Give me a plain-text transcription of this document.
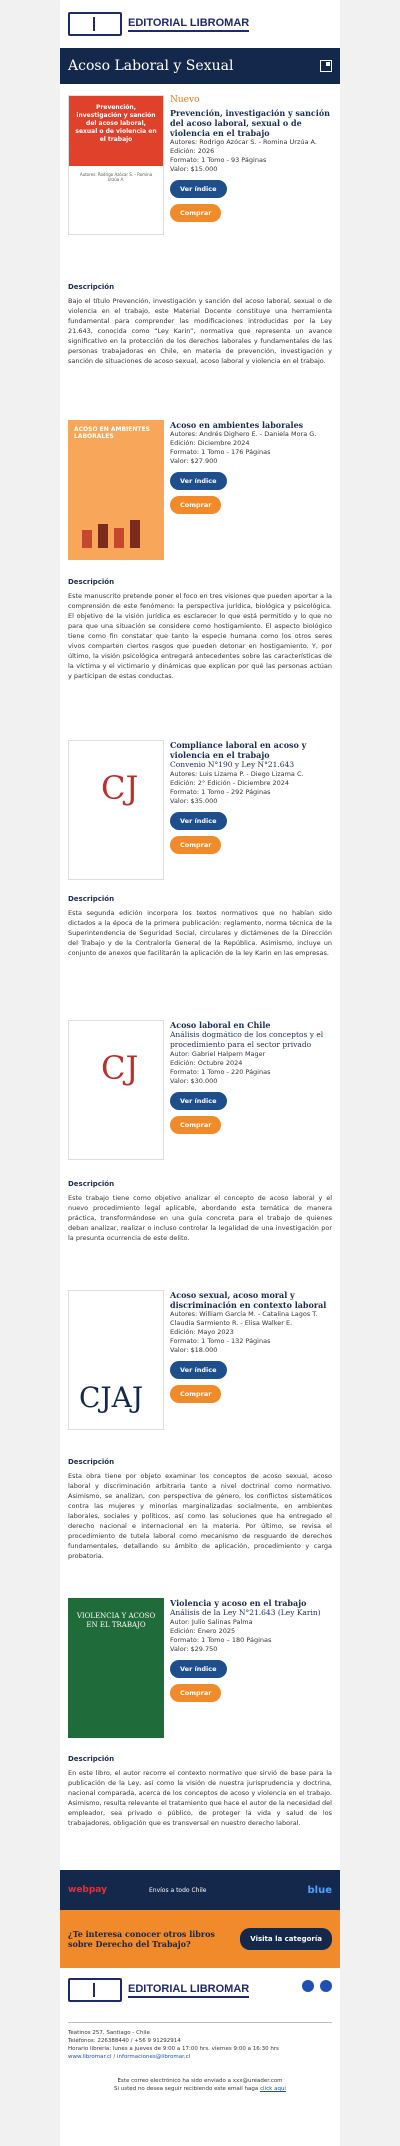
EDITORIAL LIBROMAR
Acoso Laboral y Sexual
Prevención, investigación y sanción del acoso laboral, sexual o de violencia en el trabajo
Autores: Rodrigo Azócar S. - Romina Urzúa A.
Nuevo
Prevención, investigación y sanción del acoso laboral, sexual o de violencia en el trabajo
Autores: Rodrigo Azócar S. - Romina Urzúa A.
Edición: 2026
Formato: 1 Tomo - 93 Páginas
Valor: $15.000
Ver índice
Comprar
Descripción
Bajo el título Prevención, investigación y sanción del acoso laboral, sexual o de violencia en el trabajo, este Material Docente constituye una herramienta fundamental para comprender las modificaciones introducidas por la Ley 21.643, conocida como “Ley Karin”, normativa que representa un avance significativo en la protección de los derechos laborales y fundamentales de las personas trabajadoras en Chile, en materia de prevención, investigación y sanción de situaciones de acoso sexual, acoso laboral y violencia en el trabajo.
ACOSO EN AMBIENTES LABORALES
Acoso en ambientes laborales
Autores: Andrés Dighero E. - Daniela Mora G.
Edición: Diciembre 2024
Formato: 1 Tomo - 176 Páginas
Valor: $27.900
Ver índice
Comprar
Descripción
Este manuscrito pretende poner el foco en tres visiones que pueden aportar a la comprensión de este fenómeno: la perspectiva jurídica, biológica y psicológica. El objetivo de la visión jurídica es esclarecer lo que está permitido y lo que no para que una situación se considere como hostigamiento. El aspecto biológico tiene como fin constatar que tanto la especie humana como los otros seres vivos comparten ciertos rasgos que pueden detonar en hostigamiento. Y, por último, la visión psicológica entregará antecedentes sobre las características de la víctima y el victimario y dinámicas que explican por qué las personas actúan y participan de estas conductas.
CJ
Compliance laboral en acoso y violencia en el trabajo
Convenio N°190 y Ley N°21.643
Autores: Luis Lizama P. - Diego Lizama C.
Edición: 2° Edición - Diciembre 2024
Formato: 1 Tomo - 292 Páginas
Valor: $35.000
Ver índice
Comprar
Descripción
Esta segunda edición incorpora los textos normativos que no habían sido dictados a la época de la primera publicación: reglamento, norma técnica de la Superintendencia de Seguridad Social, circulares y dictámenes de la Dirección del Trabajo y de la Contraloría General de la República. Asimismo, incluye un conjunto de anexos que facilitarán la aplicación de la ley Karin en las empresas.
CJ
Acoso laboral en Chile
Análisis dogmático de los conceptos y el procedimiento para el sector privado
Autor: Gabriel Halpern Mager
Edición: Octubre 2024
Formato: 1 Tomo - 220 Páginas
Valor: $30.000
Ver índice
Comprar
Descripción
Este trabajo tiene como objetivo analizar el concepto de acoso laboral y el nuevo procedimiento legal aplicable, abordando esta temática de manera práctica, transformándose en una guía concreta para el trabajo de quienes deban analizar, realizar o incluso controlar la legalidad de una investigación por la presunta ocurrencia de este delito.
CJAJ
Acoso sexual, acoso moral y discriminación en contexto laboral
Autores: William García M. - Catalina Lagos T. Claudia Sarmiento R. - Elisa Walker E.
Edición: Mayo 2023
Formato: 1 Tomo - 132 Páginas
Valor: $18.000
Ver índice
Comprar
Descripción
Esta obra tiene por objeto examinar los conceptos de acoso sexual, acoso laboral y discriminación arbitraria tanto a nivel doctrinal como normativo. Asimismo, se analizan, con perspectiva de género, los conflictos sistemáticos contra las mujeres y minorías marginalizadas socialmente, en ambientes laborales, sociales y políticos, así como las soluciones que ha entregado el derecho nacional e internacional en la materia. Por último, se revisa el procedimiento de tutela laboral como mecanismo de resguardo de derechos fundamentales, detallando su ámbito de aplicación, procedimiento y carga probatoria.
VIOLENCIA Y ACOSO EN EL TRABAJO
Violencia y acoso en el trabajo
Análisis de la Ley N°21.643 (Ley Karin)
Autor: Julio Salinas Palma
Edición: Enero 2025
Formato: 1 Tomo – 180 Páginas
Valor: $29.750
Ver índice
Comprar
Descripción
En este libro, el autor recorre el contexto normativo que sirvió de base para la publicación de la Ley, así como la visión de nuestra jurisprudencia y doctrina, nacional comparada, acerca de los conceptos de acoso y violencia en el trabajo. Asimismo, resulta relevante el tratamiento que hace el autor de la necesidad del empleador, sea privado o público, de proteger la vida y salud de los trabajadores, obligación que es transversal en nuestro derecho laboral.
webpay	Envíos a todo Chile	blue
¿Te interesa conocer otros libros sobre Derecho del Trabajo?	Visita la categoría
EDITORIAL LIBROMAR
Teatinos 257, Santiago - Chile
Teléfonos: 226388440 / +56 9 91292914
Horario libreria: lunes a jueves de 9:00 a 17:00 hrs. viernes 9:00 a 16:30 hrs
www.libromar.cl / informaciones@libromar.cl
Este correo electrónico ha sido enviado a xxx@ureader.com
Si usted no desea seguir recibiendo este email haga click aquí
